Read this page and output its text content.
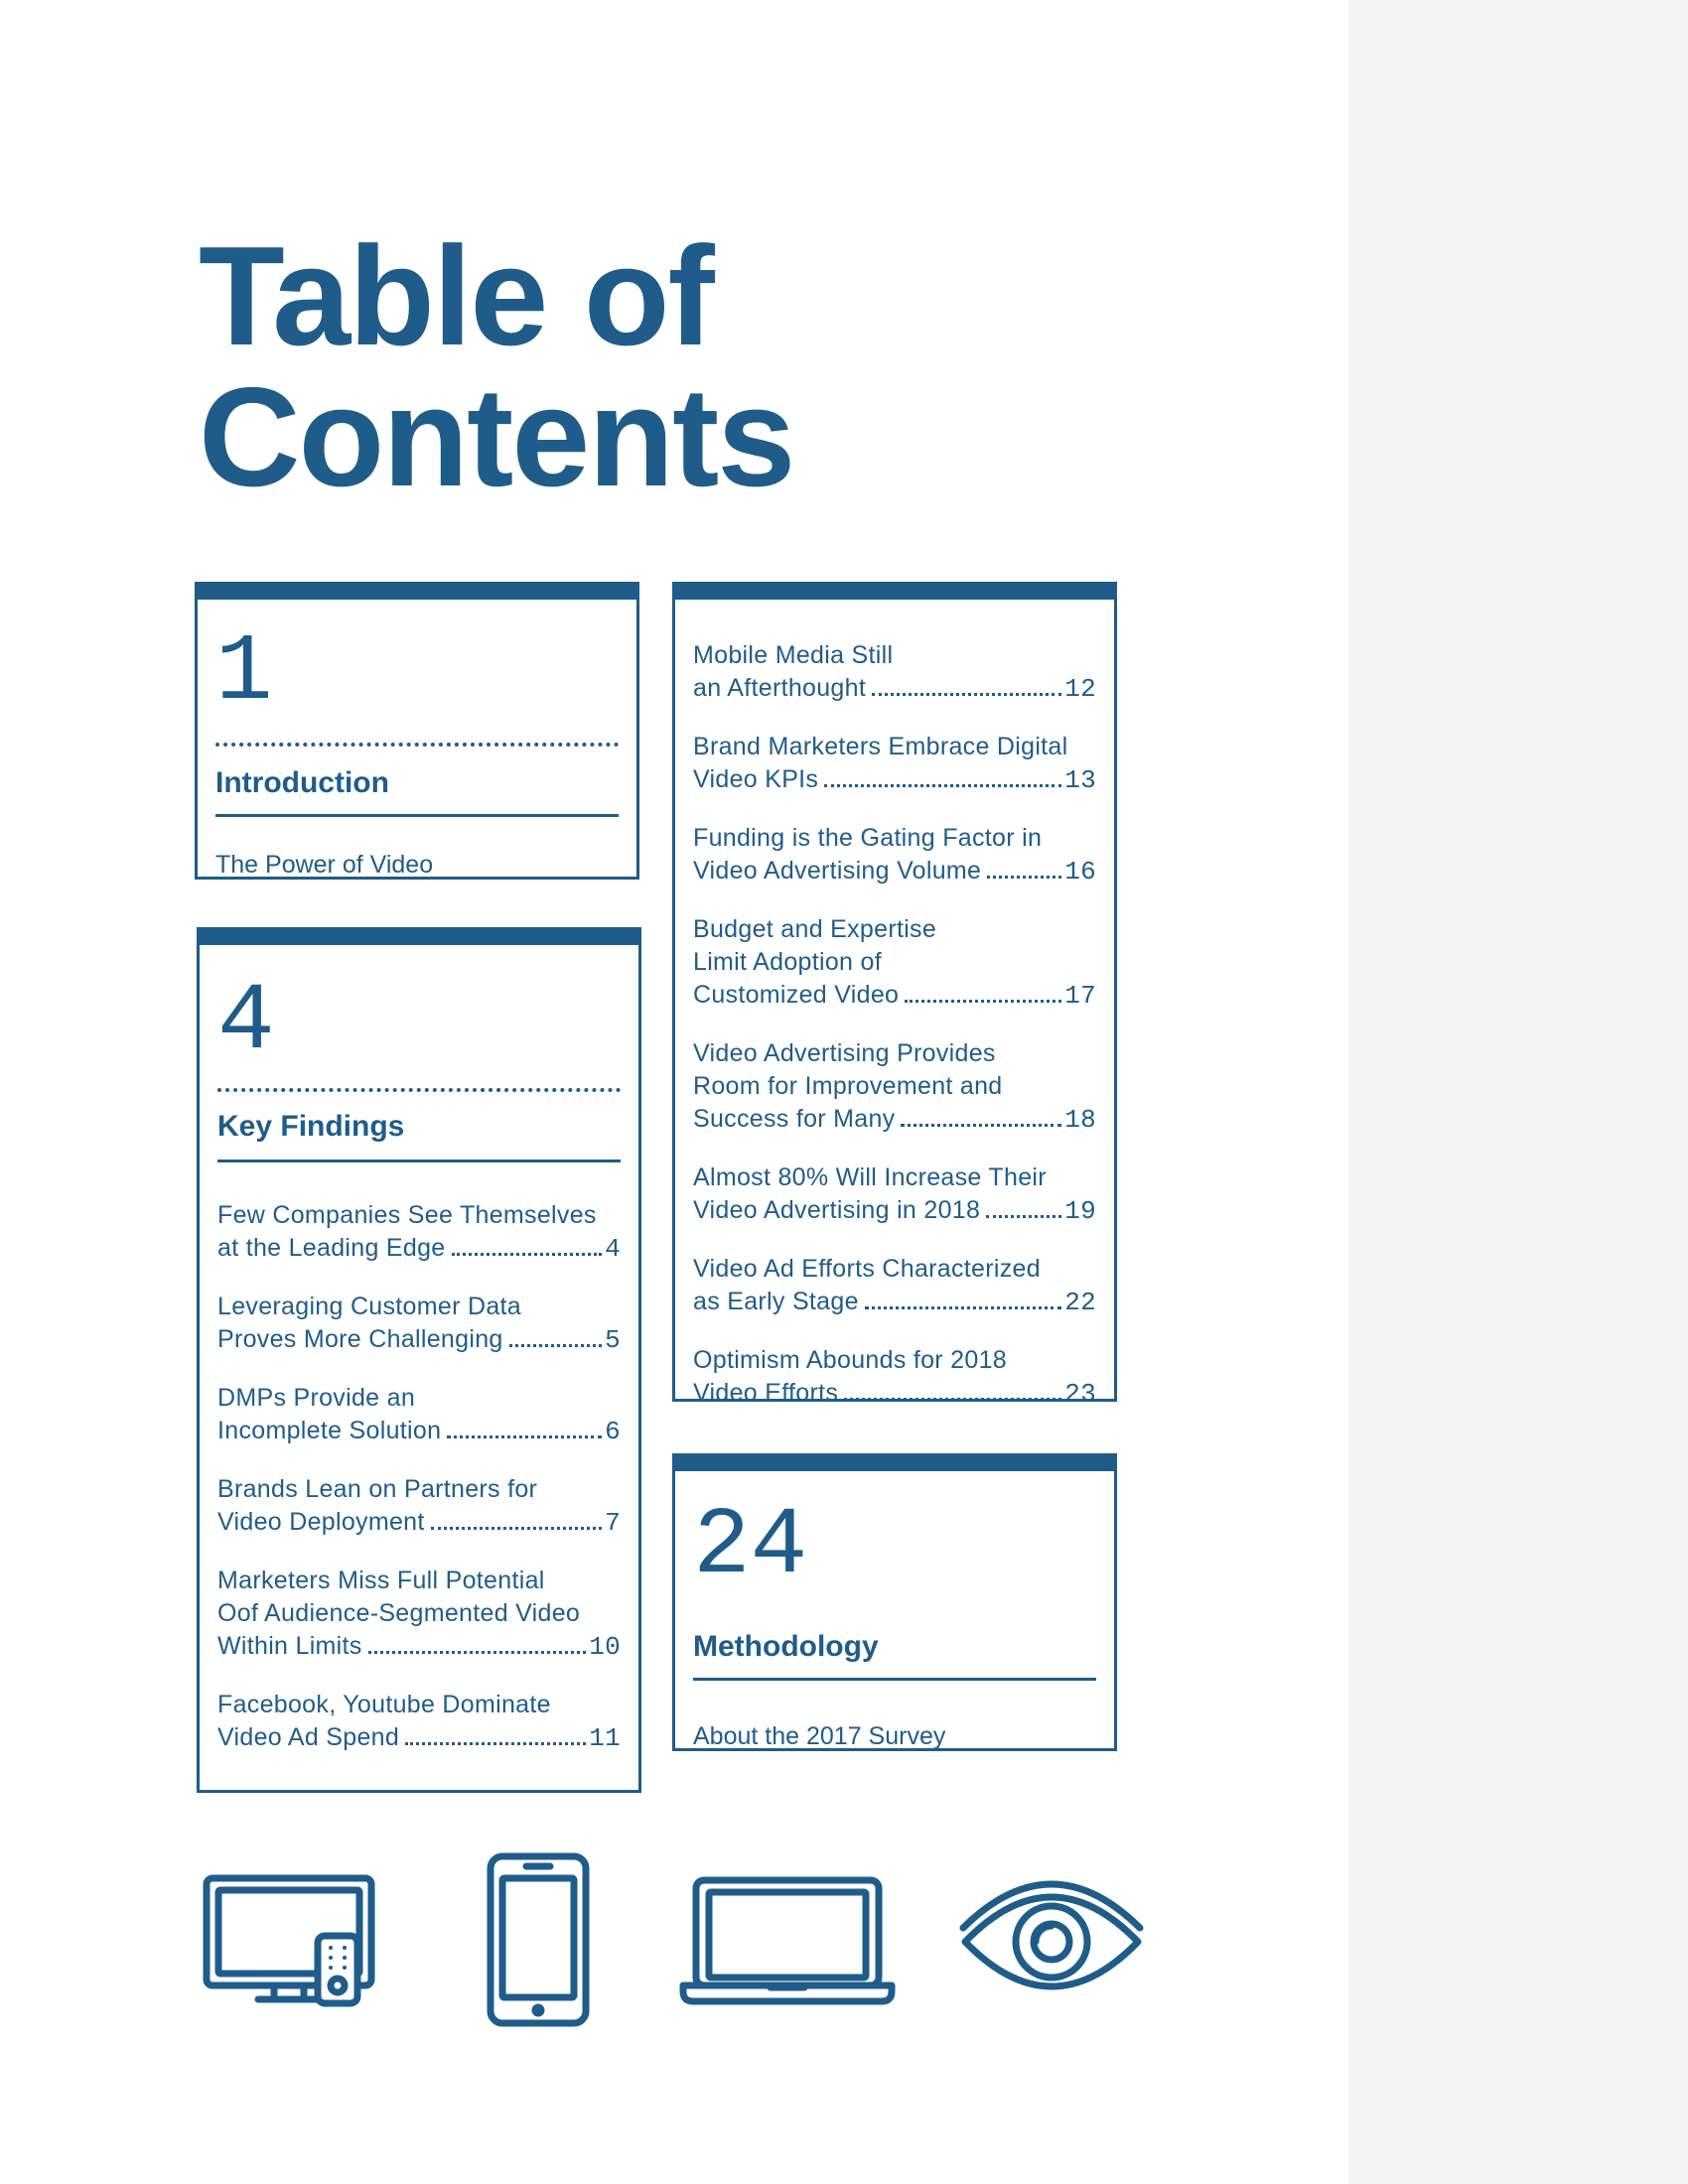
Table of
Contents
1
Introduction
The Power of Video
4
Key Findings
Few Companies See Themselves
at the Leading Edge	4
Leveraging Customer Data
Proves More Challenging	5
DMPs Provide an
Incomplete Solution	6
Brands Lean on Partners for
Video Deployment	7
Marketers Miss Full Potential
Oof Audience-Segmented Video
Within Limits	10
Facebook, Youtube Dominate
Video Ad Spend	11
Mobile Media Still
an Afterthought	12
Brand Marketers Embrace Digital
Video KPIs	13
Funding is the Gating Factor in
Video Advertising Volume	16
Budget and Expertise
Limit Adoption of
Customized Video	17
Video Advertising Provides
Room for Improvement and
Success for Many	18
Almost 80% Will Increase Their
Video Advertising in 2018	19
Video Ad Efforts Characterized
as Early Stage	22
Optimism Abounds for 2018
Video Efforts	23
24
Methodology
About the 2017 Survey
